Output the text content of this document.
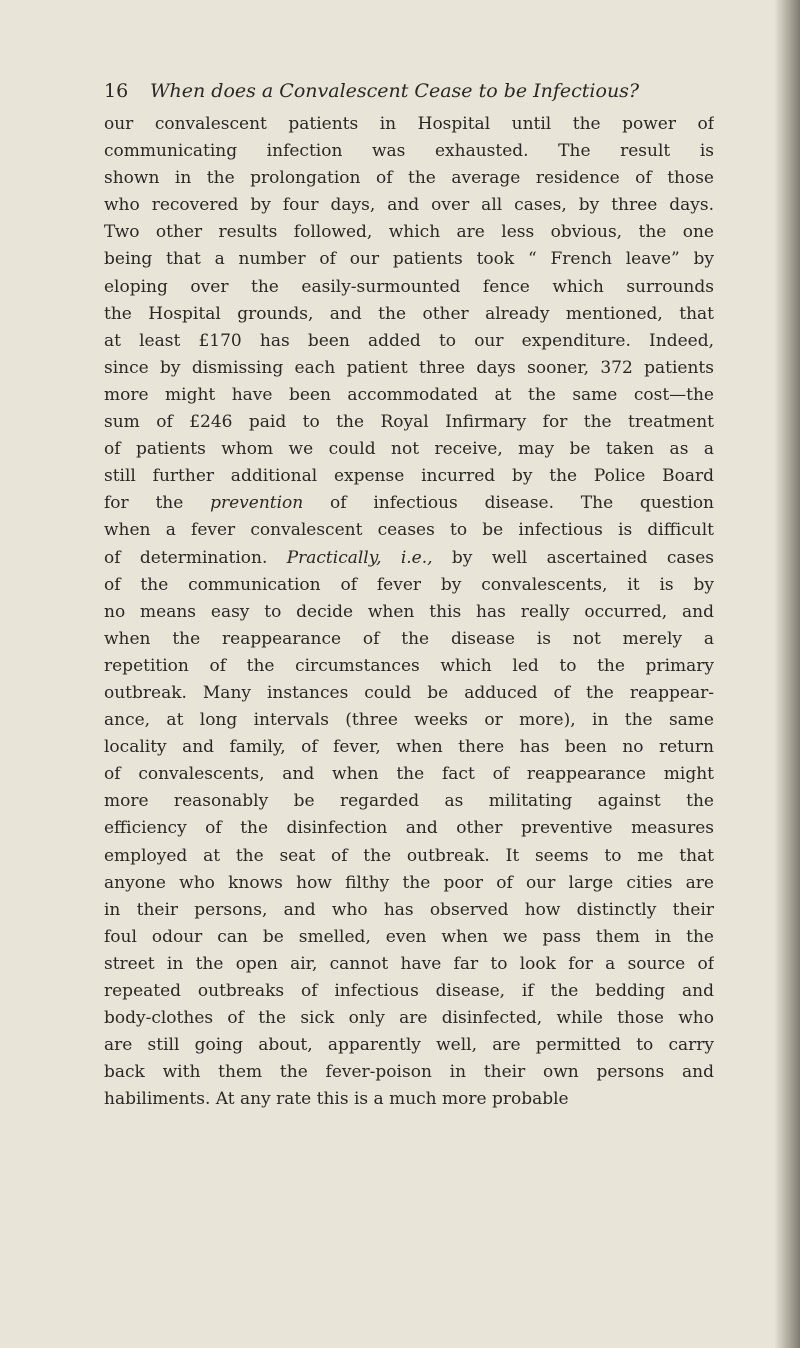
16 When does a Convalescent Cease to be Infectious?
our convalescent patients in Hospital until the power of
communicating infection was exhausted. The result is
shown in the prolongation of the average residence of those
who recovered by four days, and over all cases, by three days.
Two other results followed, which are less obvious, the one
being that a number of our patients took “ French leave” by
eloping over the easily-surmounted fence which surrounds
the Hospital grounds, and the other already mentioned, that
at least £170 has been added to our expenditure. Indeed,
since by dismissing each patient three days sooner, 372 patients
more might have been accommodated at the same cost—the
sum of £246 paid to the Royal Infirmary for the treatment
of patients whom we could not receive, may be taken as a
still further additional expense incurred by the Police Board
for the prevention of infectious disease. The question
when a fever convalescent ceases to be infectious is difficult
of determination. Practically, i.e., by well ascertained cases
of the communication of fever by convalescents, it is by
no means easy to decide when this has really occurred, and
when the reappearance of the disease is not merely a
repetition of the circumstances which led to the primary
outbreak. Many instances could be adduced of the reappear-
ance, at long intervals (three weeks or more), in the same
locality and family, of fever, when there has been no return
of convalescents, and when the fact of reappearance might
more reasonably be regarded as militating against the
efficiency of the disinfection and other preventive measures
employed at the seat of the outbreak. It seems to me that
anyone who knows how filthy the poor of our large cities are
in their persons, and who has observed how distinctly their
foul odour can be smelled, even when we pass them in the
street in the open air, cannot have far to look for a source of
repeated outbreaks of infectious disease, if the bedding and
body-clothes of the sick only are disinfected, while those who
are still going about, apparently well, are permitted to carry
back with them the fever-poison in their own persons and
habiliments. At any rate this is a much more probable
